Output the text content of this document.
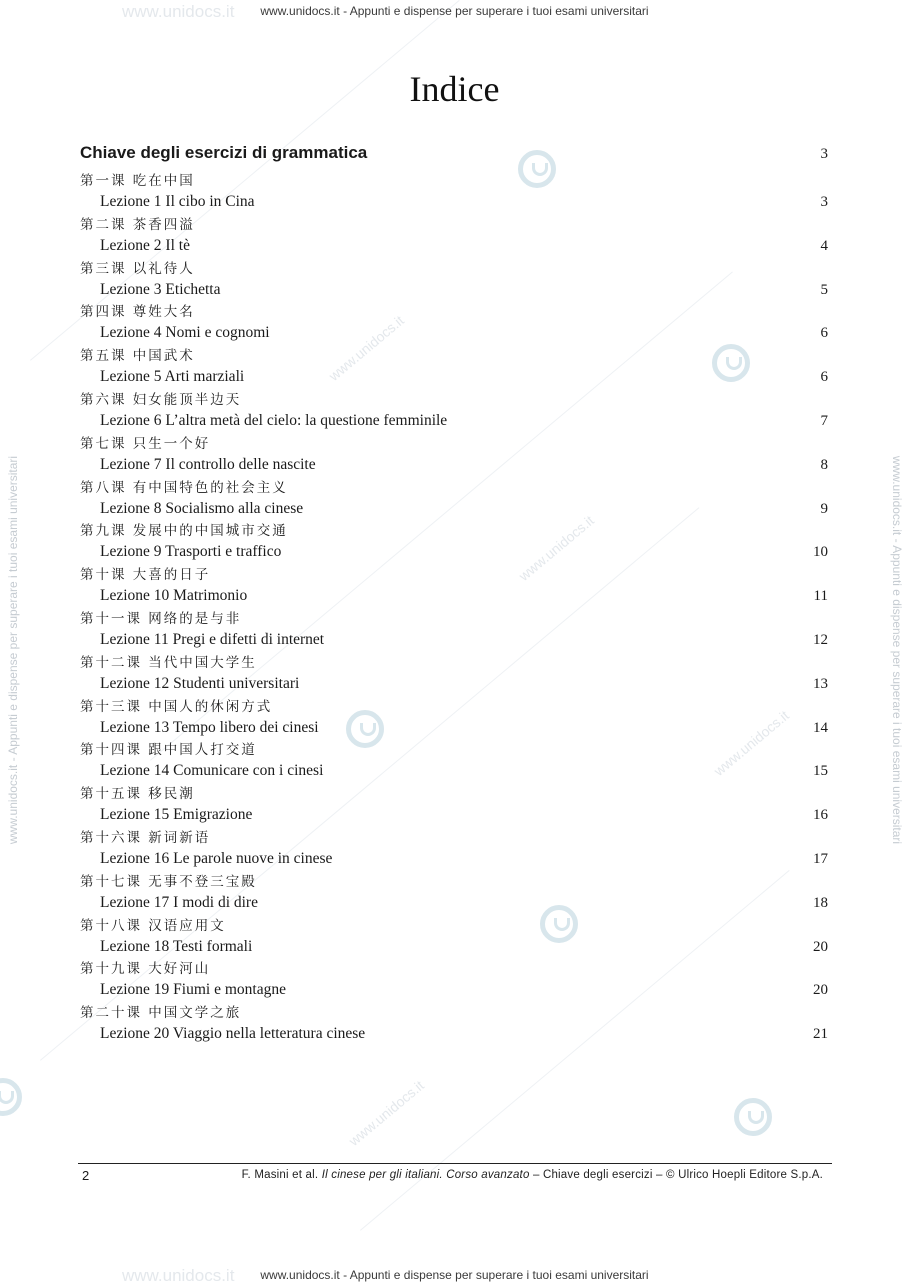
www.unidocs.it
www.unidocs.it
www.unidocs.it
www.unidocs.it
www.unidocs.it
www.unidocs.it
www.unidocs.it - Appunti e dispense per superare i tuoi esami universitari	www.unidocs.it - Appunti e dispense per superare i tuoi esami universitari
www.unidocs.it - Appunti e dispense per superare i tuoi esami universitari
www.unidocs.it - Appunti e dispense per superare i tuoi esami universitari
Indice
Chiave degli esercizi di grammatica	3
第一课 吃在中国
Lezione 1 Il cibo in Cina	3
第二课 茶香四溢
Lezione 2 Il tè	4
第三课 以礼待人
Lezione 3 Etichetta	5
第四课 尊姓大名
Lezione 4 Nomi e cognomi	6
第五课 中国武术
Lezione 5 Arti marziali	6
第六课 妇女能顶半边天
Lezione 6 L’altra metà del cielo: la questione femminile	7
第七课 只生一个好
Lezione 7 Il controllo delle nascite	8
第八课 有中国特色的社会主义
Lezione 8 Socialismo alla cinese	9
第九课 发展中的中国城市交通
Lezione 9 Trasporti e traffico	10
第十课 大喜的日子
Lezione 10 Matrimonio	11
第十一课 网络的是与非
Lezione 11 Pregi e difetti di internet	12
第十二课 当代中国大学生
Lezione 12 Studenti universitari	13
第十三课 中国人的休闲方式
Lezione 13 Tempo libero dei cinesi	14
第十四课 跟中国人打交道
Lezione 14 Comunicare con i cinesi	15
第十五课 移民潮
Lezione 15 Emigrazione	16
第十六课 新词新语
Lezione 16 Le parole nuove in cinese	17
第十七课 无事不登三宝殿
Lezione 17 I modi di dire	18
第十八课 汉语应用文
Lezione 18 Testi formali	20
第十九课 大好河山
Lezione 19 Fiumi e montagne	20
第二十课 中国文学之旅
Lezione 20 Viaggio nella letteratura cinese	21
2	F. Masini et al. Il cinese per gli italiani. Corso avanzato – Chiave degli esercizi – © Ulrico Hoepli Editore S.p.A.
